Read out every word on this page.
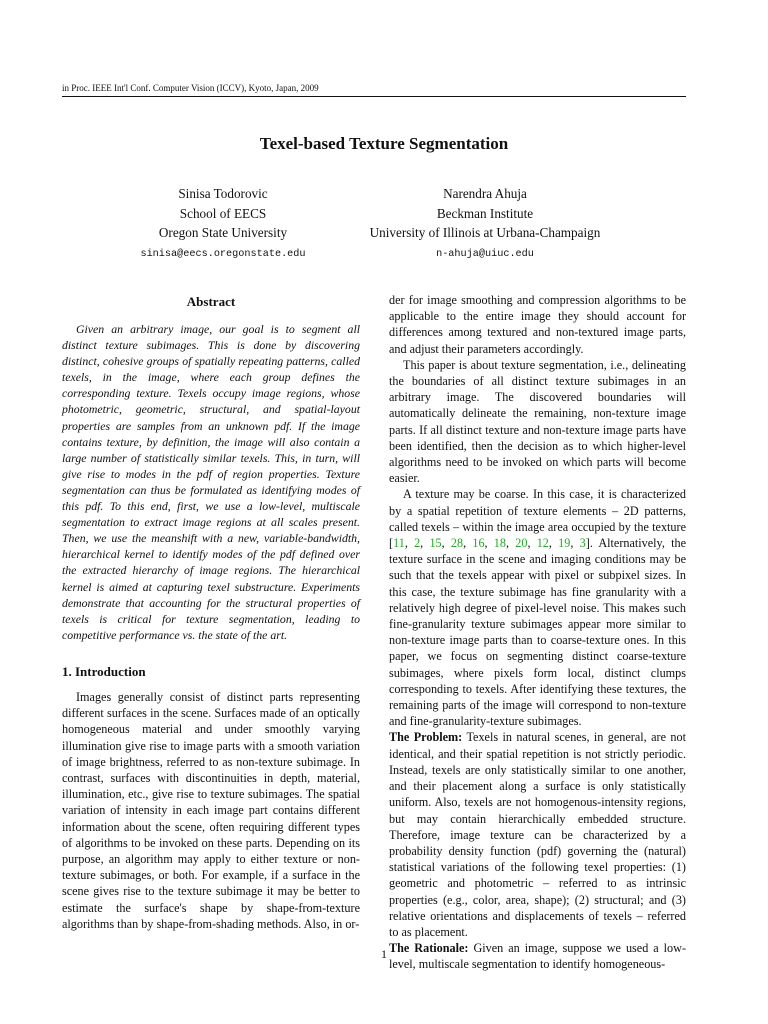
in Proc. IEEE Int'l Conf. Computer Vision (ICCV), Kyoto, Japan, 2009
Texel-based Texture Segmentation
Sinisa Todorovic
School of EECS
Oregon State University
sinisa@eecs.oregonstate.edu
Narendra Ahuja
Beckman Institute
University of Illinois at Urbana-Champaign
n-ahuja@uiuc.edu
Abstract
Given an arbitrary image, our goal is to segment all distinct texture subimages. This is done by discovering distinct, cohesive groups of spatially repeating patterns, called texels, in the image, where each group defines the corresponding texture. Texels occupy image regions, whose photometric, geometric, structural, and spatial-layout properties are samples from an unknown pdf. If the image contains texture, by definition, the image will also contain a large number of statistically similar texels. This, in turn, will give rise to modes in the pdf of region properties. Texture segmentation can thus be formulated as identifying modes of this pdf. To this end, first, we use a low-level, multiscale segmentation to extract image regions at all scales present. Then, we use the meanshift with a new, variable-bandwidth, hierarchical kernel to identify modes of the pdf defined over the extracted hierarchy of image regions. The hierarchical kernel is aimed at capturing texel substructure. Experiments demonstrate that accounting for the structural properties of texels is critical for texture segmentation, leading to competitive performance vs. the state of the art.
1. Introduction

Images generally consist of distinct parts representing different surfaces in the scene. Surfaces made of an optically homogeneous material and under smoothly varying illumination give rise to image parts with a smooth variation of image brightness, referred to as non-texture subimage. In contrast, surfaces with discontinuities in depth, material, illumination, etc., give rise to texture subimages. The spatial variation of intensity in each image part contains different information about the scene, often requiring different types of algorithms to be invoked on these parts. Depending on its purpose, an algorithm may apply to either texture or non-texture subimages, or both. For example, if a surface in the scene gives rise to the texture subimage it may be better to estimate the surface's shape by shape-from-texture algorithms than by shape-from-shading methods. Also, in or-

der for image smoothing and compression algorithms to be applicable to the entire image they should account for differences among textured and non-textured image parts, and adjust their parameters accordingly.

This paper is about texture segmentation, i.e., delineating the boundaries of all distinct texture subimages in an arbitrary image. The discovered boundaries will automatically delineate the remaining, non-texture image parts. If all distinct texture and non-texture image parts have been identified, then the decision as to which higher-level algorithms need to be invoked on which parts will become easier.

A texture may be coarse. In this case, it is characterized by a spatial repetition of texture elements – 2D patterns, called texels – within the image area occupied by the texture [11, 2, 15, 28, 16, 18, 20, 12, 19, 3]. Alternatively, the texture surface in the scene and imaging conditions may be such that the texels appear with pixel or subpixel sizes. In this case, the texture subimage has fine granularity with a relatively high degree of pixel-level noise. This makes such fine-granularity texture subimages appear more similar to non-texture image parts than to coarse-texture ones. In this paper, we focus on segmenting distinct coarse-texture subimages, where pixels form local, distinct clumps corresponding to texels. After identifying these textures, the remaining parts of the image will correspond to non-texture and fine-granularity-texture subimages.

The Problem: Texels in natural scenes, in general, are not identical, and their spatial repetition is not strictly periodic. Instead, texels are only statistically similar to one another, and their placement along a surface is only statistically uniform. Also, texels are not homogenous-intensity regions, but may contain hierarchically embedded structure. Therefore, image texture can be characterized by a probability density function (pdf) governing the (natural) statistical variations of the following texel properties: (1) geometric and photometric – referred to as intrinsic properties (e.g., color, area, shape); (2) structural; and (3) relative orientations and displacements of texels – referred to as placement.

The Rationale: Given an image, suppose we used a low-level, multiscale segmentation to identify homogeneous-

1
